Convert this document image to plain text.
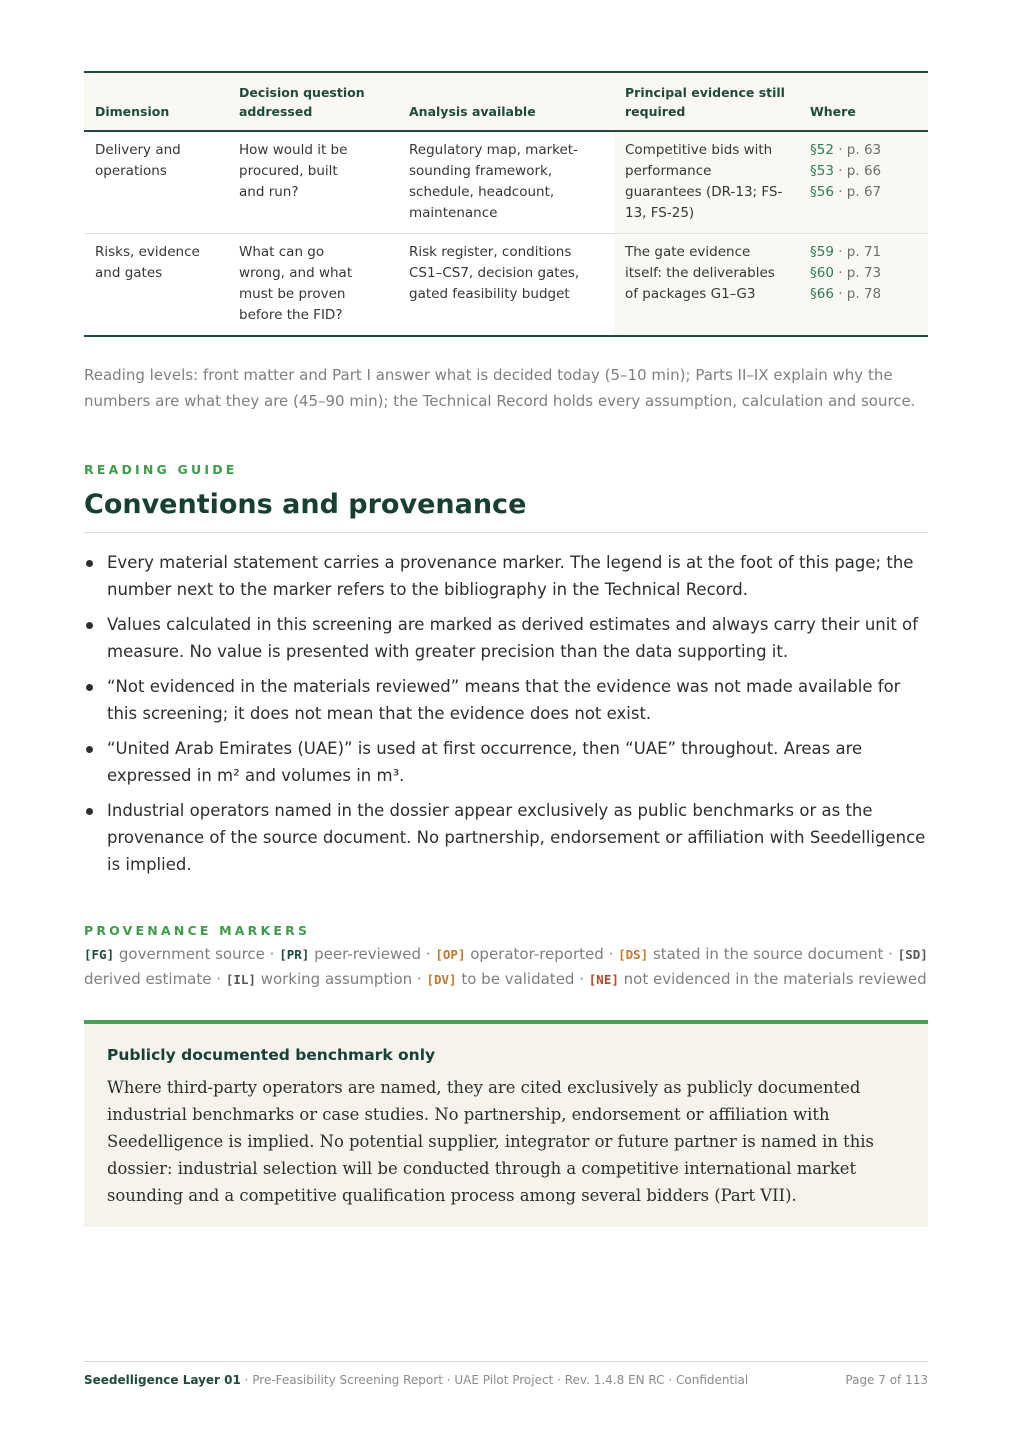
Dimension	Decision question addressed	Analysis available	Principal evidence still required	Where
Delivery and operations	How would it be procured, built and run?	Regulatory map, market-sounding framework, schedule, headcount, maintenance	Competitive bids with performance guarantees (DR-13; FS-13, FS-25)	§52 · p. 63
§53 · p. 66
§56 · p. 67

Risks, evidence and gates	What can go wrong, and what must be proven before the FID?	Risk register, conditions CS1–CS7, decision gates, gated feasibility budget	The gate evidence itself: the deliverables of packages G1–G3	§59 · p. 71
§60 · p. 73
§66 · p. 78

Reading levels: front matter and Part I answer what is decided today (5–10 min); Parts II–IX explain why the numbers are what they are (45–90 min); the Technical Record holds every assumption, calculation and source.

READING GUIDE
Conventions and provenance
Every material statement carries a provenance marker. The legend is at the foot of this page; the number next to the marker refers to the bibliography in the Technical Record.
Values calculated in this screening are marked as derived estimates and always carry their unit of measure. No value is presented with greater precision than the data supporting it.
“Not evidenced in the materials reviewed” means that the evidence was not made available for this screening; it does not mean that the evidence does not exist.
“United Arab Emirates (UAE)” is used at first occurrence, then “UAE” throughout. Areas are expressed in m² and volumes in m³.
Industrial operators named in the dossier appear exclusively as public benchmarks or as the provenance of the source document. No partnership, endorsement or affiliation with Seedelligence is implied.
PROVENANCE MARKERS
[FG] government source · [PR] peer-reviewed · [OP] operator-reported · [DS] stated in the source document · [SD] derived estimate · [IL] working assumption · [DV] to be validated · [NE] not evidenced in the materials reviewed
Publicly documented benchmark only
Where third-party operators are named, they are cited exclusively as publicly documented industrial benchmarks or case studies. No partnership, endorsement or affiliation with Seedelligence is implied. No potential supplier, integrator or future partner is named in this dossier: industrial selection will be conducted through a competitive international market sounding and a competitive qualification process among several bidders (Part VII).
Seedelligence Layer 01 · Pre-Feasibility Screening Report · UAE Pilot Project · Rev. 1.4.8 EN RC · Confidential	Page 7 of 113
